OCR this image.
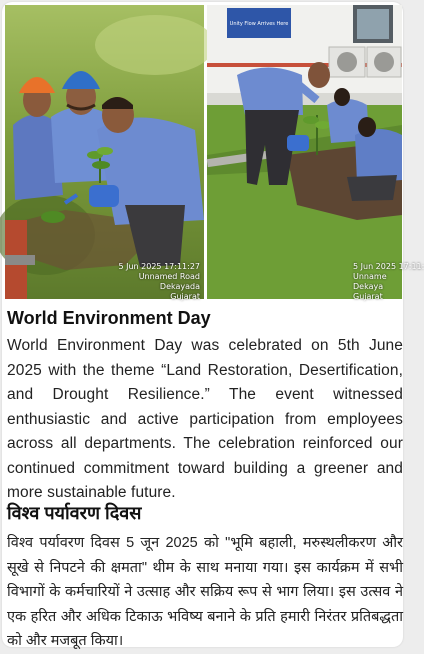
5 Jun 2025 17:11:27
Unnamed Road
Dekayada
Gujarat
Unity Flow Arrives Here
5 Jun 2025 17:11:
Unname
Dekaya
Gujarat
World Environment Day

World Environment Day was celebrated on 5th June 2025 with the theme “Land Restoration, Desertification, and Drought Resilience.” The event witnessed enthusiastic and active participation from employees across all departments. The celebration reinforced our continued commitment toward building a greener and more sustainable future.

विश्व पर्यावरण दिवस

विश्व पर्यावरण दिवस 5 जून 2025 को "भूमि बहाली, मरुस्थलीकरण और सूखे से निपटने की क्षमता" थीम के साथ मनाया गया। इस कार्यक्रम में सभी विभागों के कर्मचारियों ने उत्साह और सक्रिय रूप से भाग लिया। इस उत्सव ने एक हरित और अधिक टिकाऊ भविष्य बनाने के प्रति हमारी निरंतर प्रतिबद्धता को और मजबूत किया।
